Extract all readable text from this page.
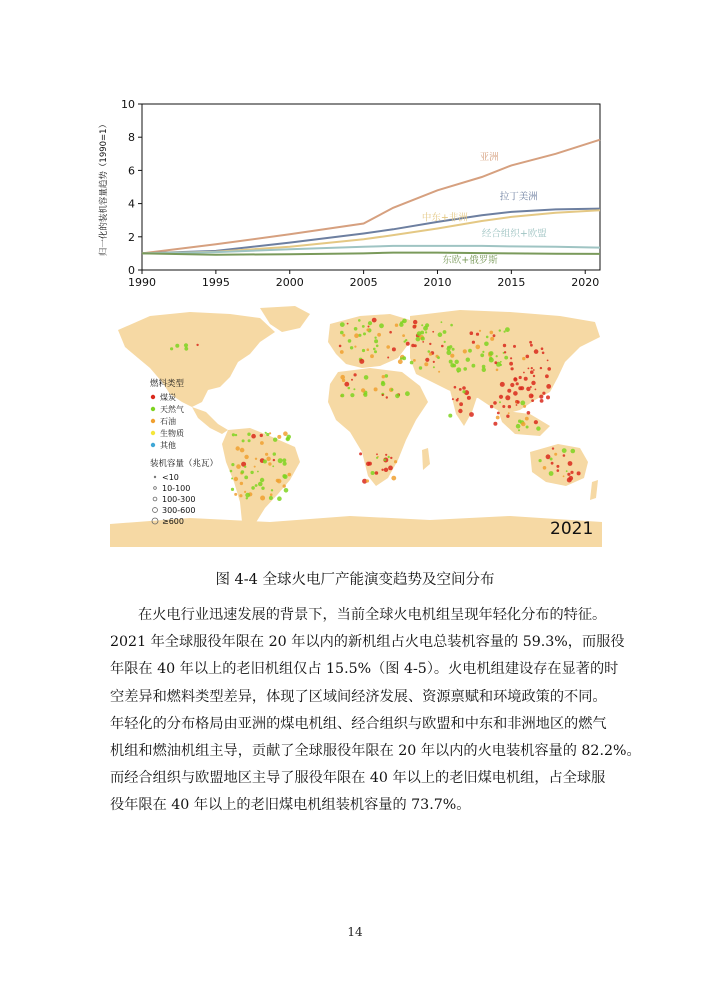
0
2
4
6
8
10
1990	1995	2000	2005	2010	2015	2020
亚洲
拉丁美洲
中东+非洲
经合组织+欧盟
东欧+俄罗斯
归一化的装机容量趋势（1990=1）
燃料类型
煤炭
天然气
石油
生物质
其他
装机容量（兆瓦）
<10
10-100
100-300
300-600
≥600	2021
图 4-4 全球火电厂产能演变趋势及空间分布
在火电行业迅速发展的背景下，当前全球火电机组呈现年轻化分布的特征。
2021 年全球服役年限在 20 年以内的新机组占火电总装机容量的 59.3%，而服役
年限在 40 年以上的老旧机组仅占 15.5%（图 4-5）。火电机组建设存在显著的时
空差异和燃料类型差异，体现了区域间经济发展、资源禀赋和环境政策的不同。
年轻化的分布格局由亚洲的煤电机组、经合组织与欧盟和中东和非洲地区的燃气
机组和燃油机组主导，贡献了全球服役年限在 20 年以内的火电装机容量的 82.2%。
而经合组织与欧盟地区主导了服役年限在 40 年以上的老旧煤电机组，占全球服
役年限在 40 年以上的老旧煤电机组装机容量的 73.7%。
14
